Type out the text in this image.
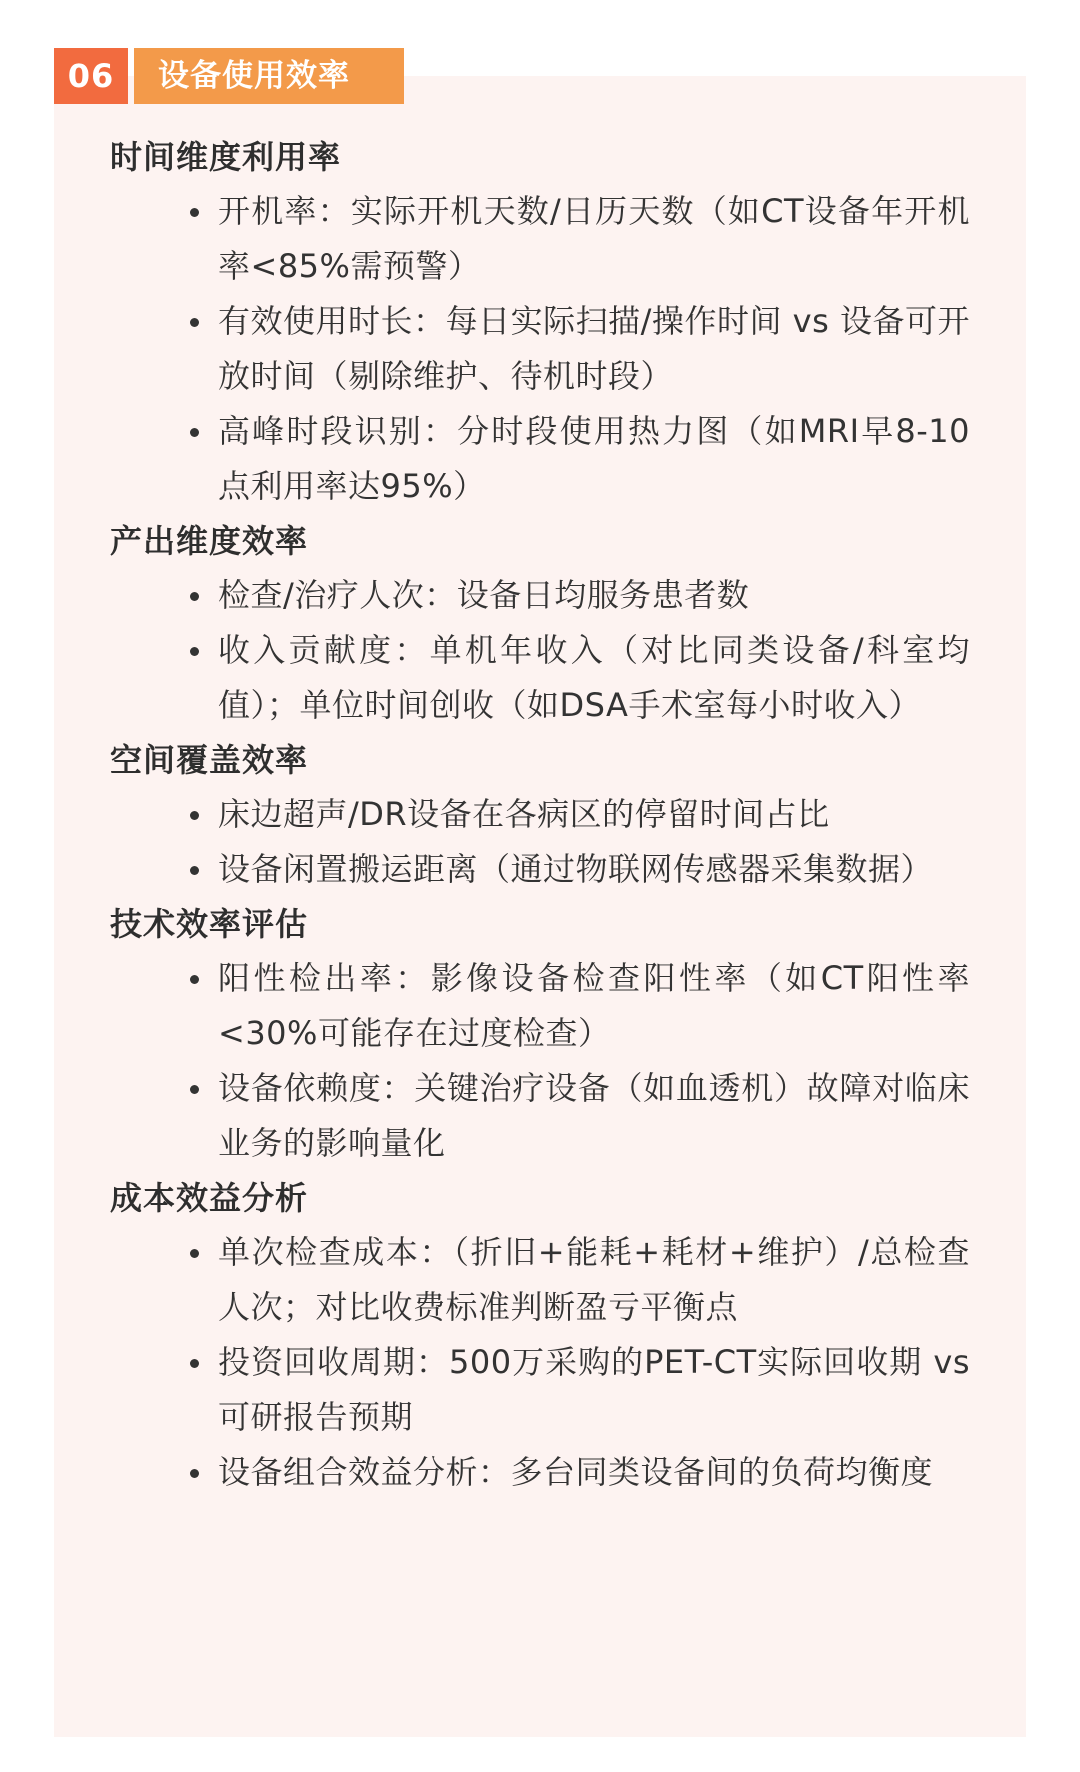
06	设备使用效率
时间维度利用率
开机率：实际开机天数/日历天数（如CT设备年开机率<85%需预警）
有效使用时长：每日实际扫描/操作时间 vs 设备可开放时间（剔除维护、待机时段）
高峰时段识别：分时段使用热力图（如MRI早8-10点利用率达95%）
产出维度效率
检查/治疗人次：设备日均服务患者数
收入贡献度：单机年收入（对比同类设备/科室均值）；单位时间创收（如DSA手术室每小时收入）
空间覆盖效率
床边超声/DR设备在各病区的停留时间占比
设备闲置搬运距离（通过物联网传感器采集数据）
技术效率评估
阳性检出率：影像设备检查阳性率（如CT阳性率<30%可能存在过度检查）
设备依赖度：关键治疗设备（如血透机）故障对临床业务的影响量化
成本效益分析
单次检查成本：（折旧+能耗+耗材+维护）/总检查人次；对比收费标准判断盈亏平衡点
投资回收周期：500万采购的PET-CT实际回收期 vs 可研报告预期
设备组合效益分析：多台同类设备间的负荷均衡度
